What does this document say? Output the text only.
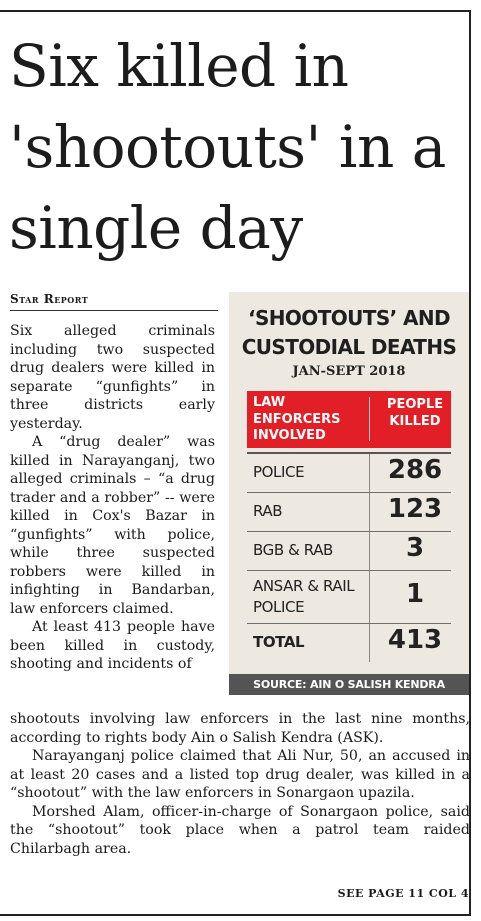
Six killed in 'shootouts' in a single day
Star Report

Six alleged criminals including two suspected drug dealers were killed in separate “gunfights” in three districts early yesterday.

A “drug dealer” was killed in Narayanganj, two alleged criminals – “a drug trader and a robber” -- were killed in Cox's Bazar in “gunfights” with police, while three suspected robbers were killed in infighting in Bandarban, law enforcers claimed.

At least 413 people have been killed in custody, shooting and incidents of

shootouts involving law enforcers in the last nine months, according to rights body Ain o Salish Kendra (ASK).

Narayanganj police claimed that Ali Nur, 50, an accused in at least 20 cases and a listed top drug dealer, was killed in a “shootout” with the law enforcers in Sonargaon upazila.

Morshed Alam, officer-in-charge of Sonargaon police, said the “shootout” took place when a patrol team raided Chilarbagh area.

SEE PAGE 11 COL 4
‘SHOOTOUTS’ AND
CUSTODIAL DEATHS
JAN-SEPT 2018
LAW ENFORCERS INVOLVED
PEOPLE KILLED
POLICE	286
RAB	123
BGB & RAB	3
ANSAR & RAIL POLICE	1
TOTAL	413
SOURCE: AIN O SALISH KENDRA
